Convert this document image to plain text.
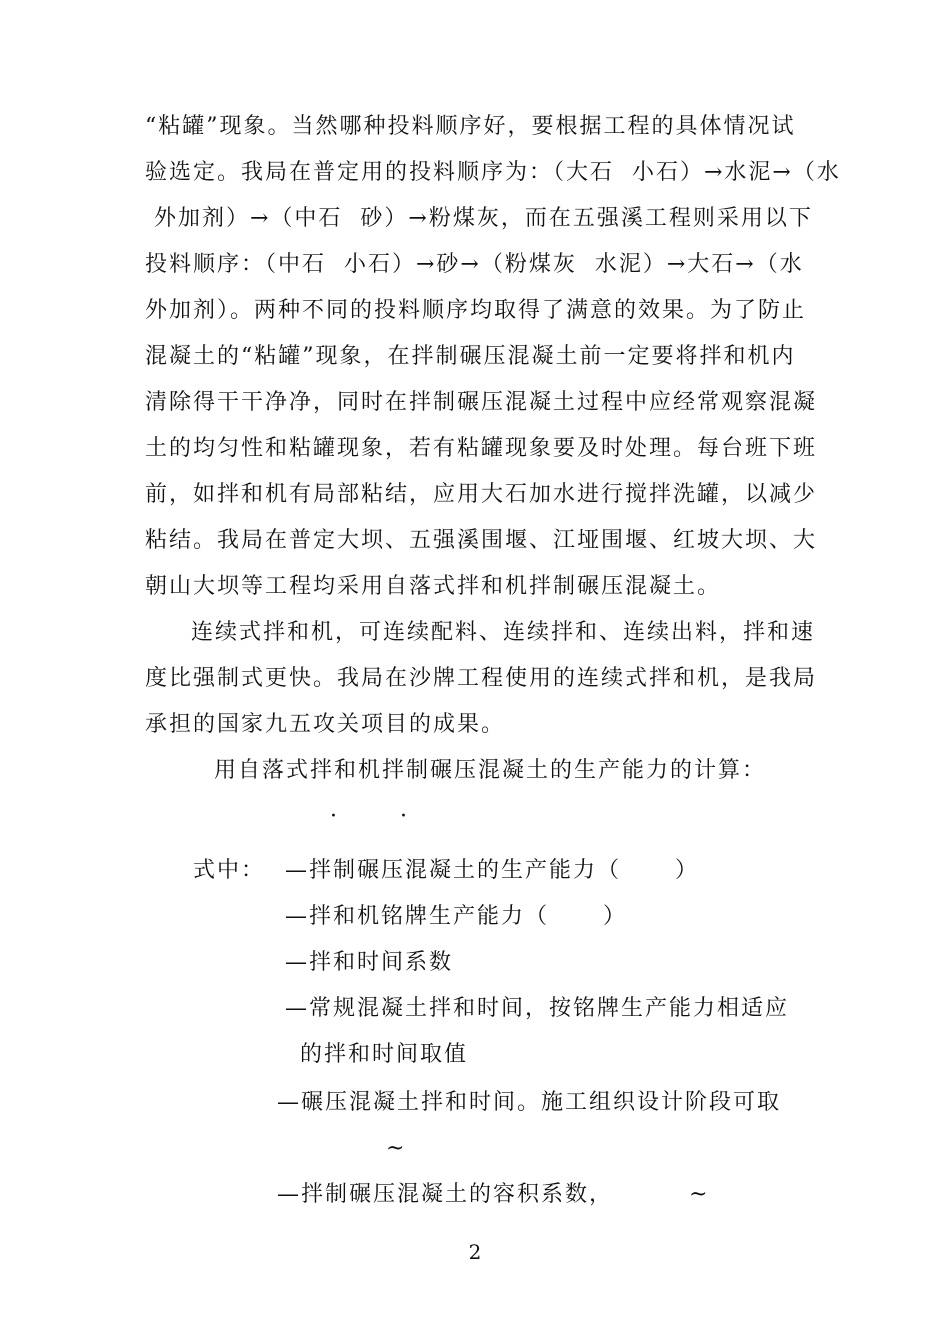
“粘罐”现象。当然哪种投料顺序好，要根据工程的具体情况试
验选定。我局在普定用的投料顺序为：（大石  小石）→水泥→（水
外加剂）→（中石  砂）→粉煤灰，而在五强溪工程则采用以下
投料顺序：（中石  小石）→砂→（粉煤灰  水泥）→大石→（水
外加剂）。两种不同的投料顺序均取得了满意的效果。为了防止
混凝土的“粘罐”现象，在拌制碾压混凝土前一定要将拌和机内
清除得干干净净，同时在拌制碾压混凝土过程中应经常观察混凝
土的均匀性和粘罐现象，若有粘罐现象要及时处理。每台班下班
前，如拌和机有局部粘结，应用大石加水进行搅拌洗罐，以减少
粘结。我局在普定大坝、五强溪围堰、江垭围堰、红坡大坝、大
朝山大坝等工程均采用自落式拌和机拌制碾压混凝土。
连续式拌和机，可连续配料、连续拌和、连续出料，拌和速
度比强制式更快。我局在沙牌工程使用的连续式拌和机，是我局
承担的国家九五攻关项目的成果。
用自落式拌和机拌制碾压混凝土的生产能力的计算：
· ·
式中： —拌制碾压混凝土的生产能力（      ）
—拌和机铭牌生产能力（      ）
—拌和时间系数
—常规混凝土拌和时间，按铭牌生产能力相适应
的拌和时间取值
—碾压混凝土拌和时间。施工组织设计阶段可取
~
—拌制碾压混凝土的容积系数，	~
2
